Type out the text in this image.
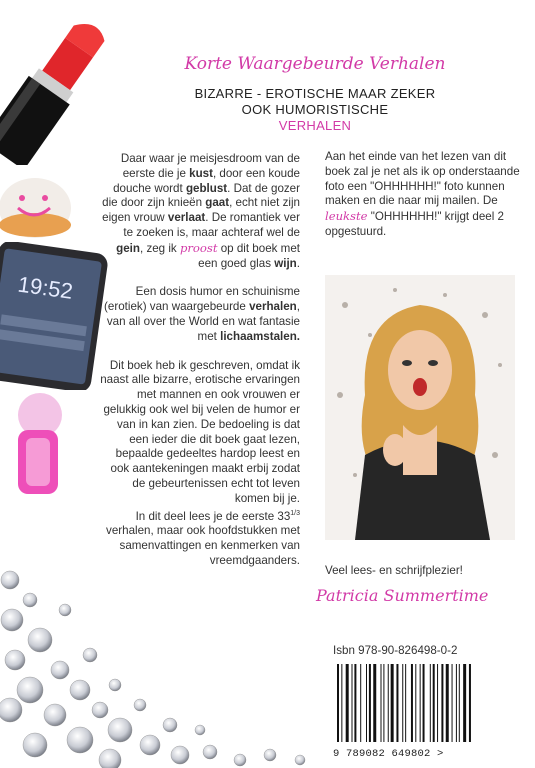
19:52
Korte Waargebeurde Verhalen
BIZARRE - EROTISCHE MAAR ZEKER
OOK HUMORISTISCHE
VERHALEN

Daar waar je meisjesdroom van de eerste die je kust, door een koude douche wordt geblust. Dat de gozer die door zijn knieën gaat, echt niet zijn eigen vrouw verlaat. De romantiek ver te zoeken is, maar achteraf wel de gein, zeg ik proost op dit boek met een goed glas wijn.

Een dosis humor en schuinisme (erotiek) van waargebeurde verhalen, van all over the World en wat fantasie met lichaamstalen.

Dit boek heb ik geschreven, omdat ik naast alle bizarre, erotische ervaringen met mannen en ook vrouwen er gelukkig ook wel bij velen de humor er van in kan zien. De bedoeling is dat een ieder die dit boek gaat lezen, bepaalde gedeeltes hardop leest en ook aantekeningen maakt erbij zodat de gebeurtenissen echt tot leven komen bij je.
In dit deel lees je de eerste $33^{1/3}$ verhalen, maar ook hoofdstukken met samenvattingen en kenmerken van vreemdgaanders.

Aan het einde van het lezen van dit boek zal je net als ik op onderstaande foto een "OHHHHHH!" foto kunnen maken en die naar mij mailen. De leukste "OHHHHHH!" krijgt deel 2 opgestuurd.

Veel lees- en schrijfplezier!
Patricia Summertime
Isbn 978-90-826498-0-2
9 789082 649802 >
